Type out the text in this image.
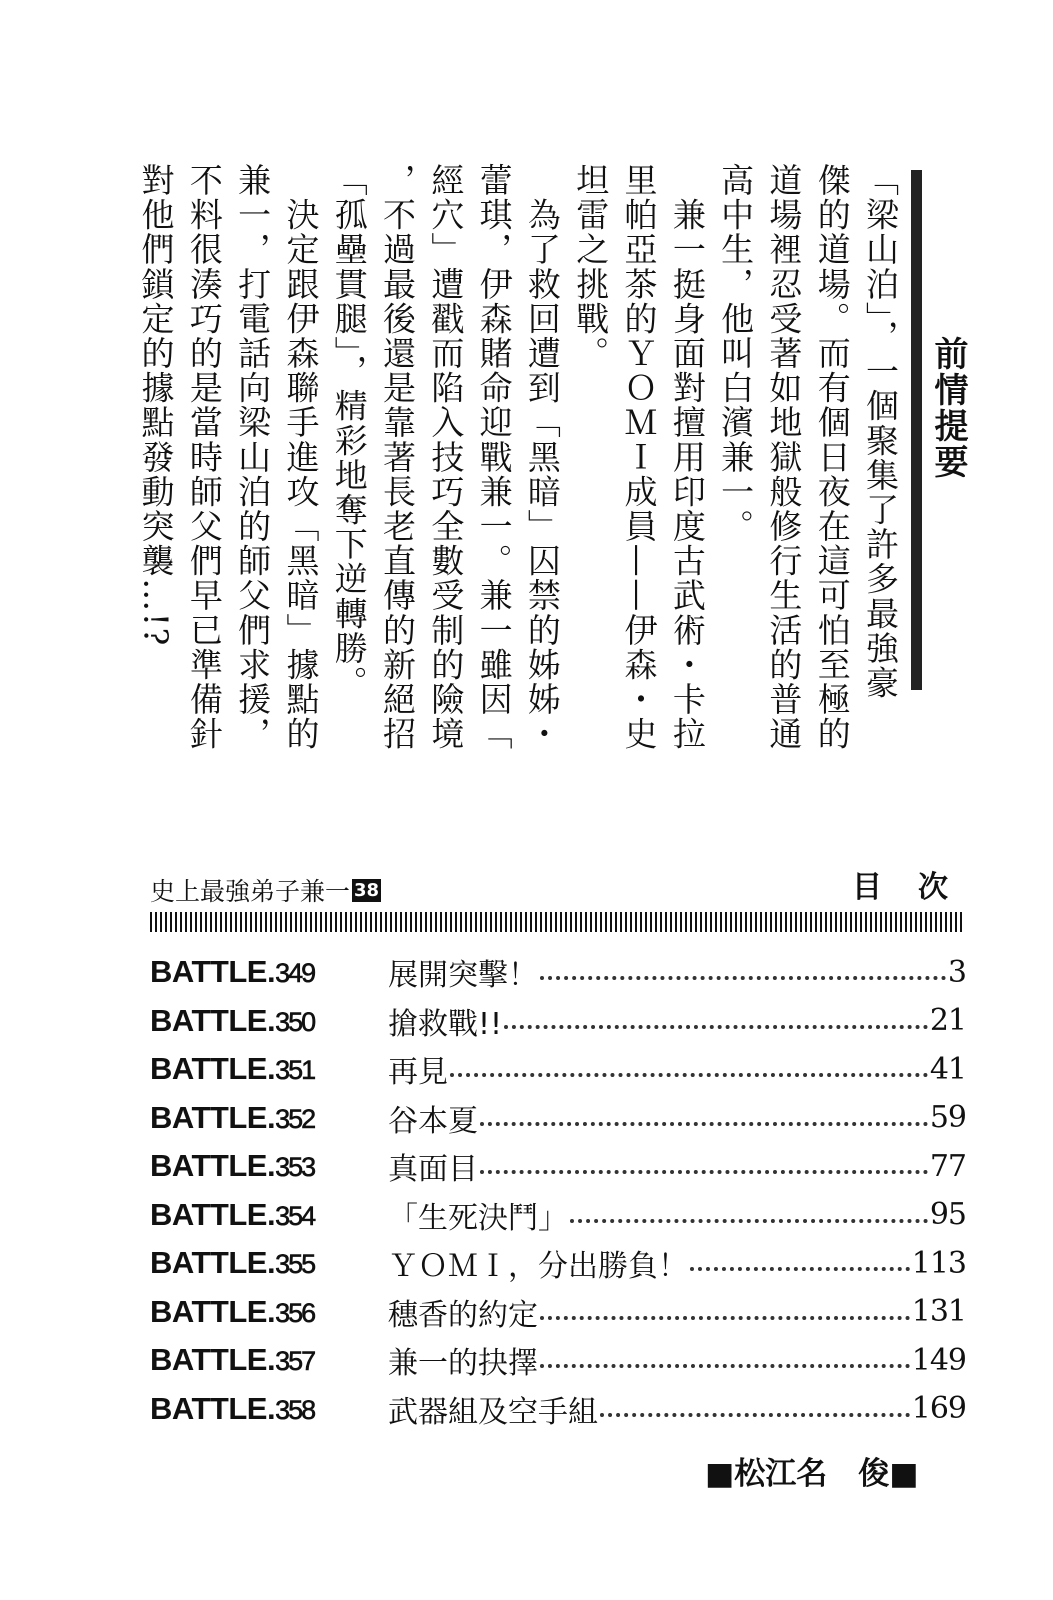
前情提要
「梁山泊」，一個聚集了許多最強豪
傑的道場。而有個日夜在這可怕至極的
道場裡忍受著如地獄般修行生活的普通
高中生，他叫白濱兼一。
　兼一挺身面對擅用印度古武術・卡拉
里帕亞茶的ＹＯＭＩ成員——伊森・史
坦雷之挑戰。
　為了救回遭到「黑暗」囚禁的姊姊・
蕾琪，伊森賭命迎戰兼一。兼一雖因「
經穴」遭戳而陷入技巧全數受制的險境
，不過最後還是靠著長老直傳的新絕招
「孤壘貫腿」，精彩地奪下逆轉勝。
　決定跟伊森聯手進攻「黑暗」據點的
兼一，打電話向梁山泊的師父們求援，
不料很湊巧的是當時師父們早已準備針
對他們鎖定的據點發動突襲…!?
史上最強弟子兼一 38	目次
BATTLE.349	展開突擊！	3
BATTLE.350	搶救戰!!	21
BATTLE.351	再見	41
BATTLE.352	谷本夏	59
BATTLE.353	真面目	77
BATTLE.354	「生死決鬥」	95
BATTLE.355	ＹＯＭＩ，分出勝負！	113
BATTLE.356	穗香的約定	131
BATTLE.357	兼一的抉擇	149
BATTLE.358	武器組及空手組	169
■松江名　俊■
